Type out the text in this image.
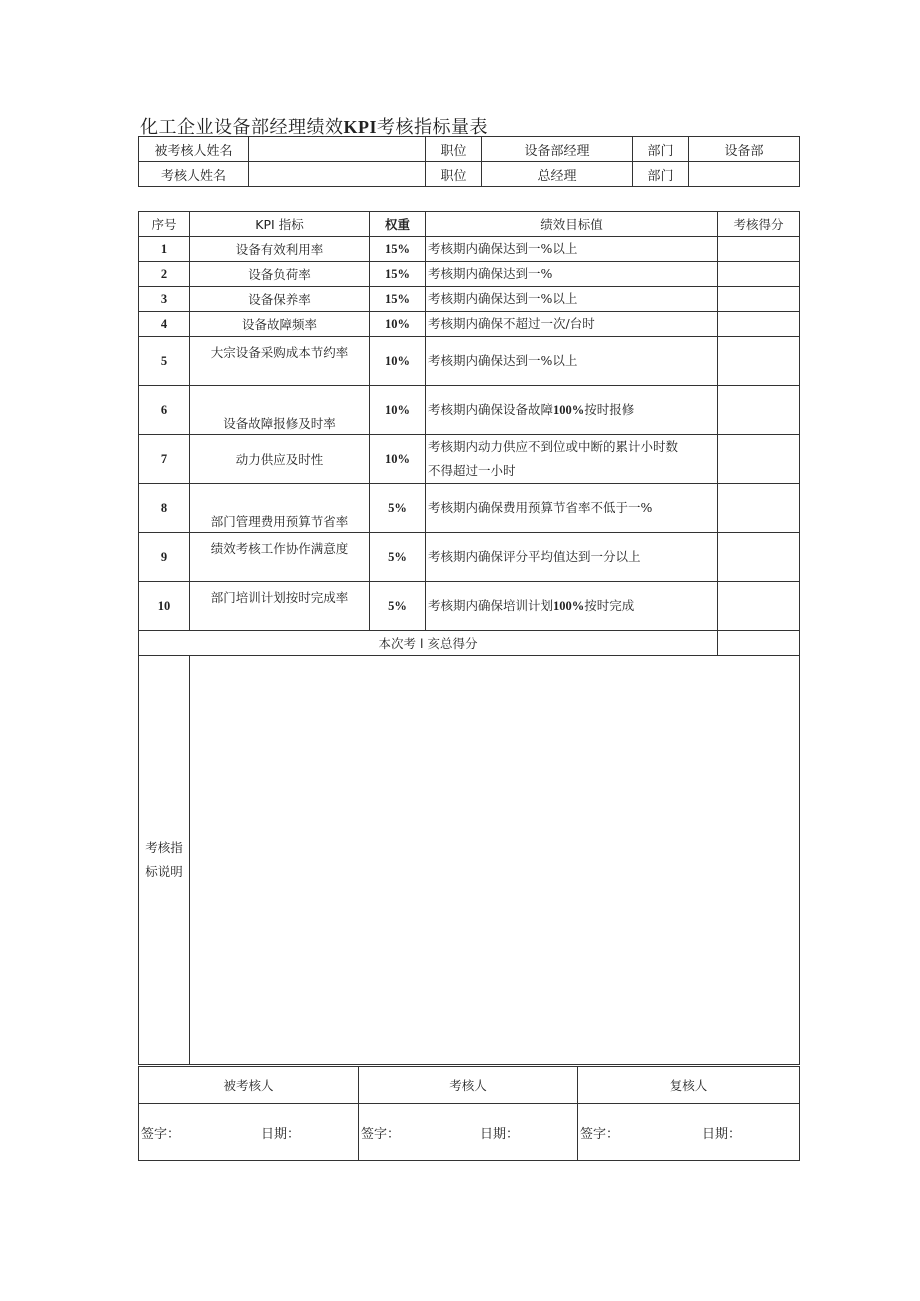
化工企业设备部经理绩效KPI考核指标量表
被考核人姓名		职位	设备部经理	部门	设备部
考核人姓名		职位	总经理	部门	
序号	KPI 指标	权重	绩效目标值	考核得分
1	设备有效利用率	15%	考核期内确保达到一%以上	
2	设备负荷率	15%	考核期内确保达到一%	
3	设备保养率	15%	考核期内确保达到一%以上	
4	设备故障频率	10%	考核期内确保不超过一次/台时	
5	大宗设备采购成本节约率	10%	考核期内确保达到一%以上	
6	设备故障报修及时率	10%	考核期内确保设备故障100%按时报修	
7	动力供应及时性	10%	考核期内动力供应不到位或中断的累计小时数
不得超过一小时	

8	部门管理费用预算节省率	5%	考核期内确保费用预算节省率不低于一%	
9	绩效考核工作协作满意度	5%	考核期内确保评分平均值达到一分以上	
10	部门培训计划按时完成率	5%	考核期内确保培训计划100%按时完成	
本次考 l 亥总得分				

考核指
标说明				

被考核人	考核人	复核人

签字： 日期：	签字： 日期：	签字： 日期：
